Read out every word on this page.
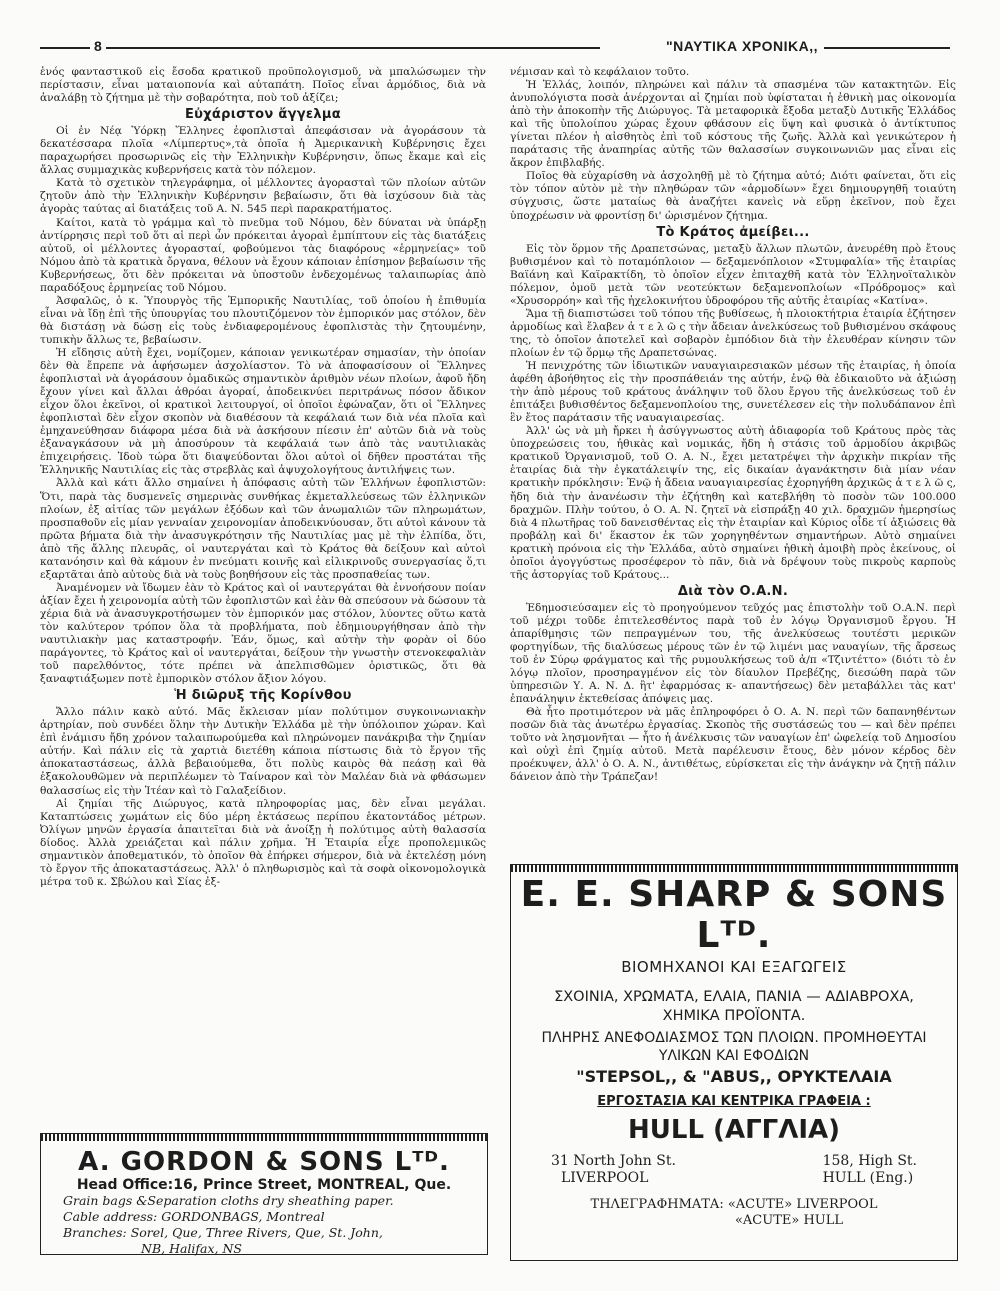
8	"ΝΑΥΤΙΚΑ ΧΡΟΝΙΚΑ,,

ἑνός φανταστικοῦ εἰς ἔσοδα κρατικοῦ προϋπολογισμοῦ, νὰ μπαλώσωμεν τὴν περίστασιν, εἶναι ματαιοπονία καὶ αὐταπάτη. Ποῖος εἶναι ἁρμόδιος, διὰ νὰ ἀναλάβῃ τὸ ζήτημα μὲ τὴν σοβαρότητα, ποὺ τοῦ ἀξίζει;

Εὐχάριστον ἄγγελμα

Οἱ ἐν Νέᾳ Ὑόρκῃ Ἕλληνες ἐφοπλισταὶ ἀπεφάσισαν νὰ ἀγοράσουν τὰ δεκατέσσαρα πλοῖα «Λίμπερτυς»,τὰ ὁποῖα ἡ Ἀμερικανικὴ Κυβέρνησις ἔχει παραχωρήσει προσωρινῶς εἰς τὴν Ἑλληνικὴν Κυβέρνησιν, ὅπως ἔκαμε καὶ εἰς ἄλλας συμμαχικὰς κυβερνήσεις κατὰ τὸν πόλεμον.

Κατὰ τὸ σχετικὸν τηλεγράφημα, οἱ μέλλοντες ἀγορασταὶ τῶν πλοίων αὐτῶν ζητοῦν ἀπὸ τὴν Ἑλληνικὴν Κυβέρνησιν βεβαίωσιν, ὅτι θὰ ἰσχύσουν διὰ τὰς ἀγορὰς ταύτας αἱ διατάξεις τοῦ Α. Ν. 545 περὶ παρακρατήματος.

Καίτοι, κατὰ τὸ γράμμα καὶ τὸ πνεῦμα τοῦ Νόμου, δὲν δύναται νὰ ὑπάρξῃ ἀντίρρησις περὶ τοῦ ὅτι αἱ περὶ ὧν πρόκειται ἀγοραὶ ἐμπίπτουν εἰς τὰς διατάξεις αὐτοῦ, οἱ μέλλοντες ἀγορασταί, φοβούμενοι τὰς διαφόρους «ἑρμηνείας» τοῦ Νόμου ἀπὸ τὰ κρατικὰ ὄργανα, θέλουν νὰ ἔχουν κάποιαν ἐπίσημον βεβαίωσιν τῆς Κυβερνήσεως, ὅτι δὲν πρόκειται νὰ ὑποστοῦν ἐνδεχομένως ταλαιπωρίας ἀπὸ παραδόξους ἑρμηνείας τοῦ Νόμου.

Ἀσφαλῶς, ὁ κ. Ὑπουργὸς τῆς Ἐμπορικῆς Ναυτιλίας, τοῦ ὁποίου ἡ ἐπιθυμία εἶναι νὰ ἴδῃ ἐπὶ τῆς ὑπουργίας του πλουτιζόμενον τὸν ἐμπορικόν μας στόλον, δὲν θὰ διστάσῃ νὰ δώσῃ εἰς τοὺς ἐνδιαφερομένους ἐφοπλιστὰς τὴν ζητουμένην, τυπικὴν ἄλλως τε, βεβαίωσιν.

Ἡ εἴδησις αὐτὴ ἔχει, νομίζομεν, κάποιαν γενικωτέραν σημασίαν, τὴν ὁποίαν δὲν θὰ ἔπρεπε νὰ ἀφήσωμεν ἀσχολίαστον. Τὸ νὰ ἀποφασίσουν οἱ Ἕλληνες ἐφοπλισταὶ νὰ ἀγοράσουν ὁμαδικῶς σημαντικὸν ἀριθμὸν νέων πλοίων, ἀφοῦ ἤδη ἔχουν γίνει καὶ ἄλλαι ἀθρόαι ἀγοραί, ἀποδεικνύει περιτράνως πόσον ἄδικον εἶχον ὅλοι ἐκεῖνοι, οἱ κρατικοὶ λειτουργοί, οἱ ὁποῖοι ἐφώναζαν, ὅτι οἱ Ἕλληνες ἐφοπλισταὶ δὲν εἶχον σκοπὸν νὰ διαθέσουν τὰ κεφάλαιά των διὰ νέα πλοῖα καὶ ἐμηχανεύθησαν διάφορα μέσα διὰ νὰ ἀσκήσουν πίεσιν ἐπ' αὐτῶν διὰ νὰ τοὺς ἐξαναγκάσουν νὰ μὴ ἀποσύρουν τὰ κεφάλαιά των ἀπὸ τὰς ναυτιλιακὰς ἐπιχειρήσεις. Ἰδοὺ τώρα ὅτι διαψεύδονται ὅλοι αὐτοὶ οἱ δῆθεν προστάται τῆς Ἑλληνικῆς Ναυτιλίας εἰς τὰς στρεβλὰς καὶ ἀψυχολογήτους ἀντιλήψεις των.

Ἀλλὰ καὶ κάτι ἄλλο σημαίνει ἡ ἀπόφασις αὐτὴ τῶν Ἑλλήνων ἐφοπλιστῶν: Ὅτι, παρὰ τὰς δυσμενεῖς σημερινὰς συνθήκας ἐκμεταλλεύσεως τῶν ἑλληνικῶν πλοίων, ἐξ αἰτίας τῶν μεγάλων ἐξόδων καὶ τῶν ἀνωμαλιῶν τῶν πληρωμάτων, προσπαθοῦν εἰς μίαν γενναίαν χειρονομίαν ἀποδεικνύουσαν, ὅτι αὐτοὶ κάνουν τὰ πρῶτα βήματα διὰ τὴν ἀνασυγκρότησιν τῆς Ναυτιλίας μας μὲ τὴν ἐλπίδα, ὅτι, ἀπὸ τῆς ἄλλης πλευρᾶς, οἱ ναυτεργάται καὶ τὸ Κράτος θὰ δείξουν καὶ αὐτοὶ κατανόησιν καὶ θὰ κάμουν ἐν πνεύματι κοινῆς καὶ εἰλικρινοῦς συνεργασίας ὅ,τι εξαρτᾶται ἀπὸ αὐτοὺς διὰ νὰ τοὺς βοηθήσουν εἰς τὰς προσπαθείας των.

Ἀναμένομεν νὰ ἴδωμεν ἐὰν τὸ Κράτος καὶ οἱ ναυτεργάται θὰ ἐννοήσουν ποίαν ἀξίαν ἔχει ἡ χειρονομία αὐτὴ τῶν ἐφοπλιστῶν καὶ ἐὰν θὰ σπεύσουν νὰ δώσουν τὰ χέρια διὰ νὰ ἀνασυγκροτήσωμεν τὸν ἐμπορικόν μας στόλον, λύοντες οὕτω κατὰ τὸν καλύτερον τρόπον ὅλα τὰ προβλήματα, ποὺ ἐδημιουργήθησαν ἀπὸ τὴν ναυτιλιακὴν μας καταστροφήν. Ἐάν, ὅμως, καὶ αὐτὴν τὴν φορὰν οἱ δύο παράγοντες, τὸ Κράτος καὶ οἱ ναυτεργάται, δείξουν τὴν γνωστὴν στενοκεφαλιὰν τοῦ παρελθόντος, τότε πρέπει νὰ ἀπελπισθῶμεν ὁριστικῶς, ὅτι θὰ ξαναφτιάξωμεν ποτὲ ἐμπορικὸν στόλον ἄξιον λόγου.

Ἡ διῶρυξ τῆς Κορίνθου

Ἄλλο πάλιν κακὸ αὐτό. Μᾶς ἔκλεισαν μίαν πολύτιμον συγκοινωνιακὴν ἀρτηρίαν, ποὺ συνδέει ὅλην τὴν Δυτικὴν Ἑλλάδα μὲ τὴν ὑπόλοιπον χώραν. Καὶ ἐπὶ ἐνάμισυ ἤδη χρόνον ταλαιπωρούμεθα καὶ πληρώνομεν πανάκριβα τὴν ζημίαν αὐτήν. Καὶ πάλιν εἰς τὰ χαρτιὰ διετέθη κάποια πίστωσις διὰ τὸ ἔργον τῆς ἀποκαταστάσεως, ἀλλὰ βεβαιούμεθα, ὅτι πολὺς καιρὸς θὰ πεάσῃ καὶ θὰ ἐξακολουθῶμεν νὰ περιπλέωμεν τὸ Ταίναρον καὶ τὸν Μαλέαν διὰ νὰ φθάσωμεν θαλασσίως εἰς τὴν Ἰτέαν καὶ τὸ Γαλαξείδιον.

Αἱ ζημίαι τῆς Διώρυγος, κατὰ πληροφορίας μας, δὲν εἶναι μεγάλαι. Καταπτώσεις χωμάτων εἰς δύο μέρη ἐκτάσεως περίπου ἑκατοντάδος μέτρων. Ὀλίγων μηνῶν ἐργασία ἀπαιτεῖται διὰ νὰ ἀνοίξῃ ἡ πολύτιμος αὐτὴ θαλασσία δίοδος. Ἀλλὰ χρειάζεται καὶ πάλιν χρῆμα. Ἡ Ἑταιρία εἶχε προπολεμικῶς σημαντικὸν ἀποθεματικόν, τὸ ὁποῖον θὰ ἐπήρκει σήμερον, διὰ νὰ ἐκτελέσῃ μόνη τὸ ἔργον τῆς ἀποκαταστάσεως. Ἀλλ' ὁ πληθωρισμὸς καὶ τὰ σοφὰ οἰκονομολογικὰ μέτρα τοῦ κ. Σβώλου καὶ Σίας ἐξ-

νέμισαν καὶ τὸ κεφάλαιον τοῦτο.

Ἡ Ἑλλάς, λοιπόν, πληρώνει καὶ πάλιν τὰ σπασμένα τῶν κατακτητῶν. Εἰς ἀνυπολόγιστα ποσὰ ἀνέρχονται αἱ ζημίαι ποὺ ὑφίσταται ἡ ἐθνικὴ μας οἰκονομία ἀπὸ τὴν ἀποκοπὴν τῆς Διώρυγος. Τὰ μεταφορικὰ ἔξοδα μεταξὺ Δυτικῆς Ἑλλάδος καὶ τῆς ὑπολοίπου χώρας ἔχουν φθάσουν εἰς ὕψη καὶ φυσικὰ ὁ ἀντίκτυπος γίνεται πλέον ἡ αἰσθητὸς ἐπὶ τοῦ κόστους τῆς ζωῆς. Ἀλλὰ καὶ γενικώτερον ἡ παράτασις τῆς ἀναπηρίας αὐτῆς τῶν θαλασσίων συγκοινωνιῶν μας εἶναι εἰς ἄκρον ἐπιβλαβής.

Ποῖος θὰ εὐχαρίσθη νὰ ἀσχοληθῇ μὲ τὸ ζήτημα αὐτό; Διότι φαίνεται, ὅτι εἰς τὸν τόπον αὐτὸν μὲ τὴν πληθώραν τῶν «ἁρμοδίων» ἔχει δημιουργηθῆ τοιαύτη σύγχυσις, ὥστε ματαίως θὰ ἀναζήτει κανεὶς νὰ εὕρῃ ἐκεῖνον, ποὺ ἔχει ὑποχρέωσιν νὰ φροντίσῃ δι' ὡρισμένον ζήτημα.

Τὸ Κράτος ἀμείβει...

Εἰς τὸν ὅρμον τῆς Δραπετσώνας, μεταξὺ ἄλλων πλωτῶν, ἀνευρέθη πρὸ ἔτους βυθισμένον καὶ τὸ ποταμόπλοιον — δεξαμενόπλοιον «Στυμφαλία» τῆς ἑταιρίας Βαϊάνη καὶ Καϊρακτίδη, τὸ ὁποῖον εἶχεν ἐπιταχθῆ κατὰ τὸν Ἑλληνοϊταλικὸν πόλεμον, ὁμοῦ μετὰ τῶν νεοτεύκτων δεξαμενοπλοίων «Πρόδρομος» καὶ «Χρυσορρόη» καὶ τῆς ἠχελοκινήτου ὑδροφόρου τῆς αὐτῆς ἑταιρίας «Κατίνα».

Ἅμα τῇ διαπιστώσει τοῦ τόπου τῆς βυθίσεως, ἡ πλοιοκτήτρια ἑταιρία ἐζήτησεν ἁρμοδίως καὶ ἔλαβεν ἀ τ ε λ ῶ ς τὴν ἄδειαν ἀνελκύσεως τοῦ βυθισμένου σκάφους της, τὸ ὁποῖον ἀποτελεῖ καὶ σοβαρὸν ἐμπόδιον διὰ τὴν ἐλευθέραν κίνησιν τῶν πλοίων ἐν τῷ ὅρμῳ τῆς Δραπετσώνας.

Ἡ πενιχρότης τῶν ἰδιωτικῶν ναυαγιαιρεσιακῶν μέσων τῆς ἑταιρίας, ἡ ὁποία ἀφέθη ἀβοήθητος εἰς τὴν προσπάθειάν της αὐτήν, ἐνῷ θὰ ἐδικαιοῦτο νὰ ἀξιώσῃ τὴν ἀπὸ μέρους τοῦ κράτους ἀνάληψιν τοῦ ὅλου ἔργου τῆς ἀνελκύσεως τοῦ ἐν ἐπιτάξει βυθισθέντος δεξαμενοπλοίου της, συνετέλεσεν εἰς τὴν πολυδάπανον ἐπὶ ἓν ἔτος παράτασιν τῆς ναυαγιαιρεσίας.

Ἀλλ' ὡς νὰ μὴ ἤρκει ἡ ἀσύγγνωστος αὐτὴ ἀδιαφορία τοῦ Κράτους πρὸς τὰς ὑποχρεώσεις του, ἠθικὰς καὶ νομικάς, ἤδη ἡ στάσις τοῦ ἁρμοδίου ἀκριβῶς κρατικοῦ Ὀργανισμοῦ, τοῦ Ο. Α. Ν., ἔχει μετατρέψει τὴν ἀρχικὴν πικρίαν τῆς ἑταιρίας διὰ τὴν ἐγκατάλειψίν της, εἰς δικαίαν ἀγανάκτησιν διὰ μίαν νέαν κρατικὴν πρόκλησιν: Ἐνῷ ἡ ἄδεια ναυαγιαιρεσίας ἐχορηγήθη ἀρχικῶς ἀ τ ε λ ῶ ς, ἤδη διὰ τὴν ἀνανέωσιν τὴν ἐζήτηθη καὶ κατεβλήθη τὸ ποσὸν τῶν 100.000 δραχμῶν. Πλὴν τούτου, ὁ Ο. Α. Ν. ζητεῖ νὰ εἰσπράξῃ 40 χιλ. δραχμῶν ἡμερησίως διὰ 4 πλωτῆρας τοῦ δανεισθέντας εἰς τὴν ἑταιρίαν καὶ Κύριος οἶδε τί ἀξιώσεις θὰ προβάλῃ καὶ δι' ἕκαστον ἐκ τῶν χορηγηθέντων σημαντήρων. Αὐτὸ σημαίνει κρατικὴ πρόνοια εἰς τὴν Ἑλλάδα, αὐτὸ σημαίνει ἠθικὴ ἀμοιβὴ πρὸς ἐκείνους, οἱ ὁποῖοι ἀγογγύστως προσέφερον τὸ πᾶν, διὰ νὰ δρέψουν τοὺς πικροὺς καρποὺς τῆς ἀστοργίας τοῦ Κράτους...

Διὰ τὸν Ο.Α.Ν.

Ἐδημοσιεύσαμεν εἰς τὸ προηγούμενον τεῦχός μας ἐπιστολὴν τοῦ Ο.Α.Ν. περὶ τοῦ μέχρι τοῦδε ἐπιτελεσθέντος παρὰ τοῦ ἐν λόγῳ Ὀργανισμοῦ ἔργου. Ἡ ἀπαρίθμησις τῶν πεπραγμένων του, τῆς ἀνελκύσεως τουτέστι μερικῶν φορτηγίδων, τῆς διαλύσεως μέρους τῶν ἐν τῷ λιμένι μας ναυαγίων, τῆς ἄρσεως τοῦ ἐν Σύρῳ φράγματος καὶ τῆς ρυμουλκήσεως τοῦ ἀ/π «Τζιντέττο» (διότι τὸ ἐν λόγῳ πλοῖον, προσηραγμένον εἰς τὸν δίαυλον Πρεβέζης, διεσώθη παρὰ τῶν ὑπηρεσιῶν Υ. Α. Ν. Δ. ἢτ' ἐφαρμόσας κ- απαντήσεως) δὲν μεταβάλλει τὰς κατ' ἐπανάληψιν ἐκτεθείσας ἀπόψεις μας.

Θὰ ἦτο προτιμότερον νὰ μᾶς ἐπληροφόρει ὁ Ο. Α. Ν. περὶ τῶν δαπανηθέντων ποσῶν διὰ τὰς ἀνωτέρω ἐργασίας. Σκοπὸς τῆς συστάσεώς του — καὶ δὲν πρέπει τοῦτο νὰ λησμονῆται — ἦτο ἡ ἀνέλκυσις τῶν ναυαγίων ἐπ' ὠφελείᾳ τοῦ Δημοσίου καὶ οὐχὶ ἐπὶ ζημίᾳ αὐτοῦ. Μετὰ παρέλευσιν ἔτους, δὲν μόνον κέρδος δὲν προέκυψεν, ἀλλ' ὁ Ο. Α. Ν., ἀντιθέτως, εὑρίσκεται εἰς τὴν ἀνάγκην νὰ ζητῇ πάλιν δάνειον ἀπὸ τὴν Τράπεζαν!

A. GORDON & SONS Lᵀᴰ.
Head Office:16, Prince Street, MONTREAL, Que.
Grain bags &Separation cloths dry sheathing paper.
Cable address: GORDONBAGS, Montreal
Branches: Sorel, Que, Three Rivers, Que, St. John,
NB, Halifax, NS
E. E. SHARP & SONS Lᵀᴰ.
ΒΙΟΜΗΧΑΝΟΙ ΚΑΙ ΕΞΑΓΩΓΕΙΣ
ΣΧΟΙΝΙΑ, ΧΡΩΜΑΤΑ, ΕΛΑΙΑ, ΠΑΝΙΑ — ΑΔΙΑΒΡΟΧΑ, ΧΗΜΙΚΑ ΠΡΟΪΟΝΤΑ.
ΠΛΗΡΗΣ ΑΝΕΦΟΔΙΑΣΜΟΣ ΤΩΝ ΠΛΟΙΩΝ. ΠΡΟΜΗΘΕΥΤΑΙ ΥΛΙΚΩΝ ΚΑΙ ΕΦΟΔΙΩΝ
"STEPSOL,, & "ABUS,, ΟΡΥΚΤΕΛΑΙΑ
ΕΡΓΟΣΤΑΣΙΑ ΚΑΙ ΚΕΝΤΡΙΚΑ ΓΡΑΦΕΙΑ :
HULL (ΑΓΓΛΙΑ)
31 North John St.
LIVERPOOL
158, High St.
HULL (Eng.)
ΤΗΛΕΓΡΑΦΗΜΑΤΑ: «ACUTE» LIVERPOOL
«ACUTE» HULL
